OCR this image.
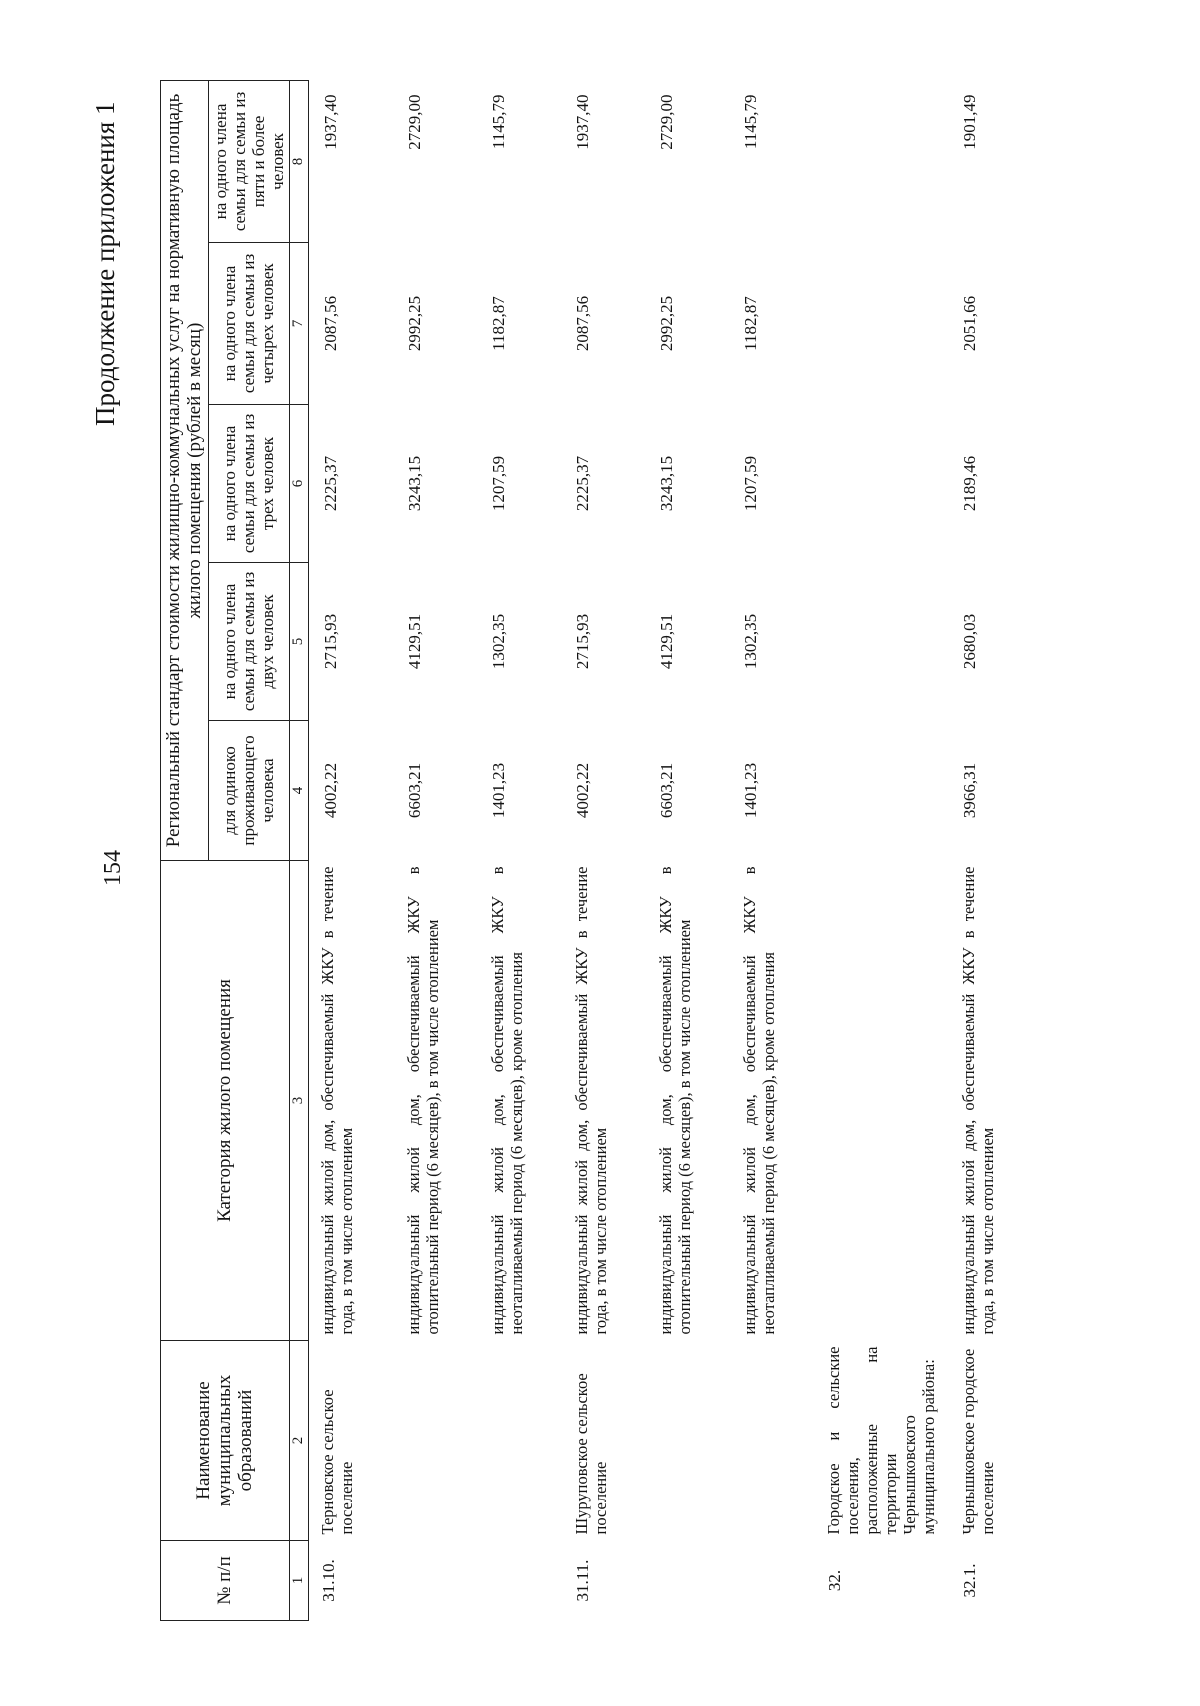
Продолжение приложения 1
154
№ п/п	Наименование муниципальных образований	Категория жилого помещения	Региональный стандарт стоимости жилищно-коммунальных услуг на нормативную площадь жилого помещения (рублей в месяц)				
			для одиноко проживающего человека	на одного члена семьи для семьи из двух человек	на одного члена семьи для семьи из трех человек	на одного члена семьи для семьи из четырех человек	на одного члена семьи для семьи из пяти и более человек
1	2	3	4	5	6	7	8
31.10.	Терновское сельское поселение	индивидуальный жилой дом, обеспечиваемый ЖКУ в течение года, в том числе отоплением	4002,22	2715,93	2225,37	2087,56	1937,40
		индивидуальный жилой дом, обеспечиваемый ЖКУ в отопительный период (6 месяцев), в том числе отоплением	6603,21	4129,51	3243,15	2992,25	2729,00
		индивидуальный жилой дом, обеспечиваемый ЖКУ в неотапливаемый период (6 месяцев), кроме отопления	1401,23	1302,35	1207,59	1182,87	1145,79
31.11.	Шуруповское сельское поселение	индивидуальный жилой дом, обеспечиваемый ЖКУ в течение года, в том числе отоплением	4002,22	2715,93	2225,37	2087,56	1937,40
		индивидуальный жилой дом, обеспечиваемый ЖКУ в отопительный период (6 месяцев), в том числе отоплением	6603,21	4129,51	3243,15	2992,25	2729,00
		индивидуальный жилой дом, обеспечиваемый ЖКУ в неотапливаемый период (6 месяцев), кроме отопления	1401,23	1302,35	1207,59	1182,87	1145,79
32.	Городское и сельские поселения, расположенные на территории Чернышковского муниципального района:						
32.1.	Чернышковское городское поселение	индивидуальный жилой дом, обеспечиваемый ЖКУ в течение года, в том числе отоплением	3966,31	2680,03	2189,46	2051,66	1901,49
